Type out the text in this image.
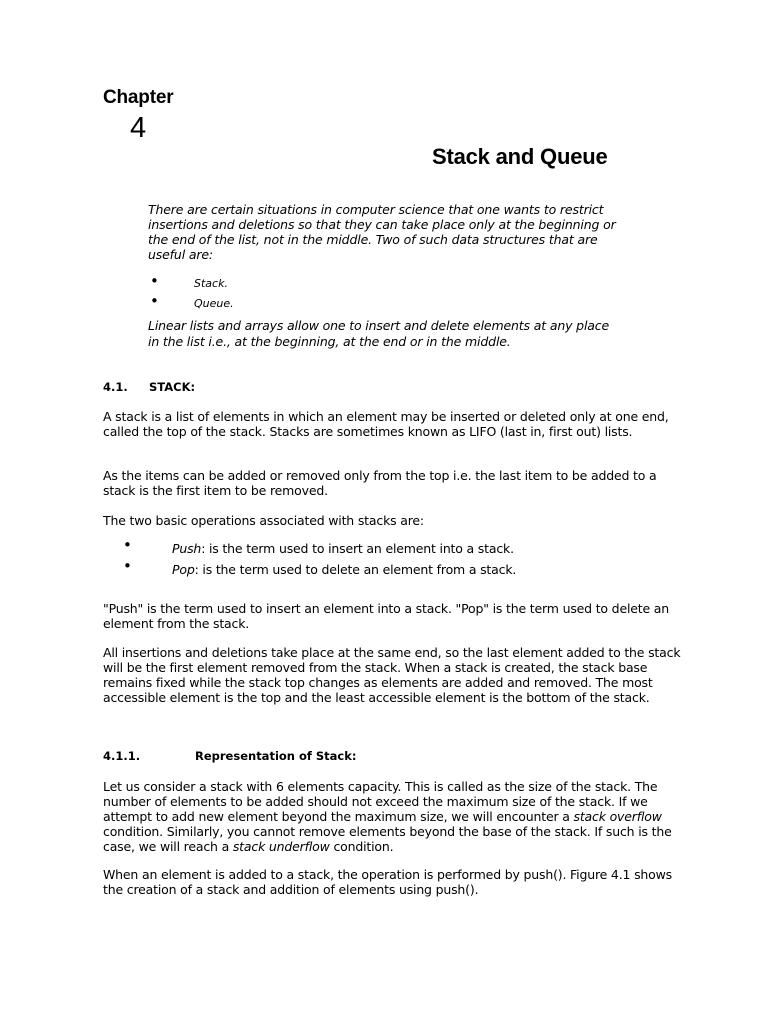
Chapter
4
Stack and Queue
There are certain situations in computer science that one wants to restrict insertions and deletions so that they can take place only at the beginning or the end of the list, not in the middle. Two of such data structures that are useful are:
•	Stack.
•	Queue.
Linear lists and arrays allow one to insert and delete elements at any place in the list i.e., at the beginning, at the end or in the middle.
4.1. STACK:
A stack is a list of elements in which an element may be inserted or deleted only at one end, called the top of the stack. Stacks are sometimes known as LIFO (last in, first out) lists.
As the items can be added or removed only from the top i.e. the last item to be added to a stack is the first item to be removed.
The two basic operations associated with stacks are:
•	Push: is the term used to insert an element into a stack.
•	Pop: is the term used to delete an element from a stack.
"Push" is the term used to insert an element into a stack. "Pop" is the term used to delete an element from the stack.
All insertions and deletions take place at the same end, so the last element added to the stack will be the first element removed from the stack. When a stack is created, the stack base remains fixed while the stack top changes as elements are added and removed. The most accessible element is the top and the least accessible element is the bottom of the stack.
4.1.1.	Representation of Stack:
Let us consider a stack with 6 elements capacity. This is called as the size of the stack. The number of elements to be added should not exceed the maximum size of the stack. If we attempt to add new element beyond the maximum size, we will encounter a stack overflow condition. Similarly, you cannot remove elements beyond the base of the stack. If such is the case, we will reach a stack underflow condition.
When an element is added to a stack, the operation is performed by push(). Figure 4.1 shows the creation of a stack and addition of elements using push().
